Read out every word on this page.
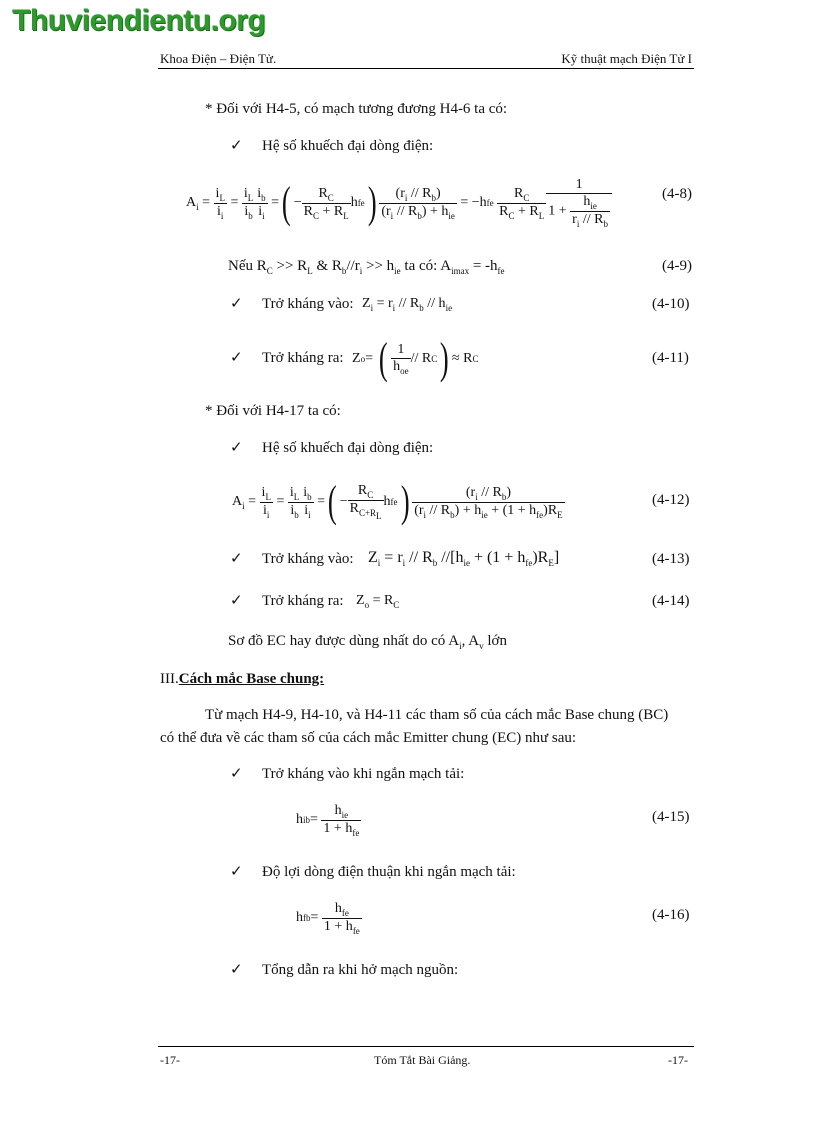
Thuviendientu.org
Khoa Điện – Điện Tử.	Kỹ thuật mạch Điện Tử I
* Đối với H4-5, có mạch tương đương H4-6 ta có:
✓ Hệ số khuếch đại dòng điện:
$A_i = \frac{i_L}{i_i} = \frac{i_L}{i_b} \frac{i_b}{i_i}$ = ( − $\frac{R_C}{R_C + R_L}$ h fe ) $\frac{(r_i // R_b)}{(r_i // R_b) + h_{ie}} = -h$ fe
$\frac{R_C}{R_C + R_L} \frac{1}{1 + \frac{h_{ie}}{r_i // R_b}}$	(4-8)
Nếu $R_C >> R_L$ & $R_b//r_i >> h_{ie}$ ta có: $A_{imax} = -h_{fe}$	(4-9)
✓ Trở kháng vào: $Z_i = r_i // R_b // h_{ie}$	(4-10)
✓ Trở kháng ra: Z o = ( $\frac{1}{h_{oe}}$ // R C ) ≈ R C	(4-11)
* Đối với H4-17 ta có:
✓ Hệ số khuếch đại dòng điện:
$A_i = \frac{i_L}{i_i} = \frac{i_L}{i_b} \frac{i_b}{i_i}$ = ( − $\frac{R_C}{R_{C+R_L}}$ h fe ) $\frac{(r_i // R_b)}{(r_i // R_b) + h_{ie} + (1 + h_{fe})R_E}$	(4-12)
✓ Trở kháng vào: $Z_i = r_i // R_b$ $//[h_{ie} + (1 + h_{fe})R_E]$	(4-13)
✓ Trở kháng ra: $Z_o = R_C$	(4-14)
Sơ đồ EC hay được dùng nhất do có $A_i$, $A_v$ lớn
III.Cách mắc Base chung:
Từ mạch H4-9, H4-10, và H4-11 các tham số của cách mắc Base chung (BC)
có thể đưa về các tham số của cách mắc Emitter chung (EC) như sau:
✓ Trở kháng vào khi ngắn mạch tải:
h ib = $\frac{h_{ie}}{1 + h_{fe}}$	(4-15)
✓ Độ lợi dòng điện thuận khi ngắn mạch tải:
h fb = $\frac{h_{fe}}{1 + h_{fe}}$	(4-16)
✓ Tổng dẫn ra khi hở mạch nguồn:
-17-	Tóm Tắt Bài Giảng.	-17-
